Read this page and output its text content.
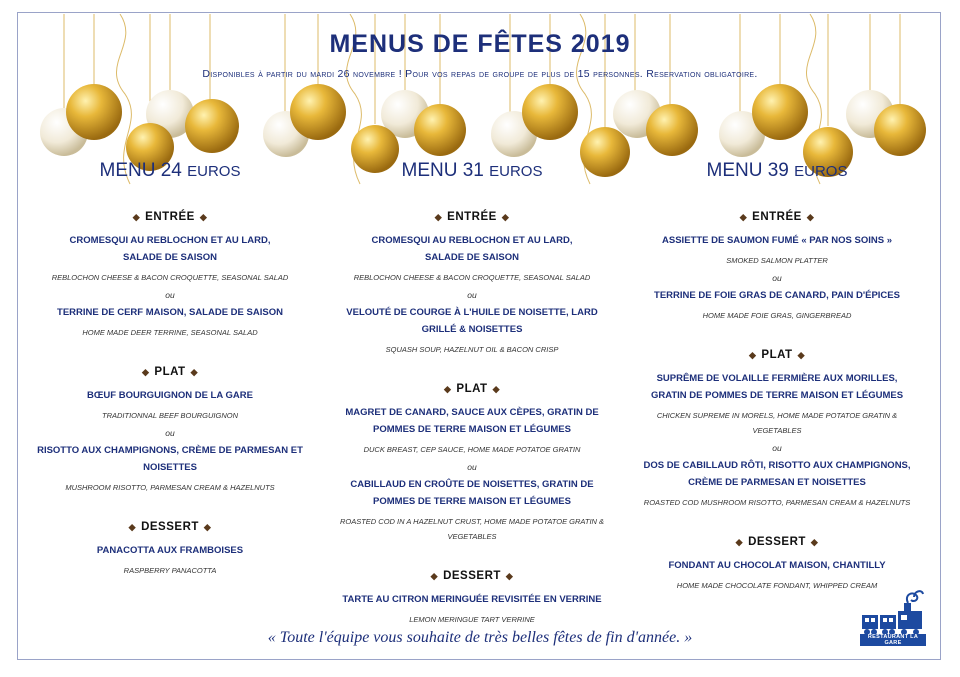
MENUS DE FÊTES 2019
Disponibles à partir du mardi 26 novembre ! Pour vos repas de groupe de plus de 15 personnes. Reservation obligatoire.
MENU 24 EUROS
◆ ENTRÉE ◆
CROMESQUI AU REBLOCHON ET AU LARD,
SALADE DE SAISON
REBLOCHON CHEESE & BACON CROQUETTE, SEASONAL SALAD
ou
TERRINE DE CERF MAISON, SALADE DE SAISON
HOME MADE DEER TERRINE, SEASONAL SALAD
◆ PLAT ◆
BŒUF BOURGUIGNON DE LA GARE
TRADITIONNAL BEEF BOURGUIGNON
ou
RISOTTO AUX CHAMPIGNONS, CRÈME DE PARMESAN ET NOISETTES
MUSHROOM RISOTTO, PARMESAN CREAM & HAZELNUTS
◆ DESSERT ◆
PANACOTTA AUX FRAMBOISES
RASPBERRY PANACOTTA
MENU 31 EUROS
◆ ENTRÉE ◆
CROMESQUI AU REBLOCHON ET AU LARD,
SALADE DE SAISON
REBLOCHON CHEESE & BACON CROQUETTE, SEASONAL SALAD
ou
VELOUTÉ DE COURGE À L'HUILE DE NOISETTE, LARD GRILLÉ & NOISETTES
SQUASH SOUP, HAZELNUT OIL & BACON CRISP
◆ PLAT ◆
MAGRET DE CANARD, SAUCE AUX CÈPES, GRATIN DE POMMES DE TERRE MAISON ET LÉGUMES
DUCK BREAST, CEP SAUCE, HOME MADE POTATOE GRATIN
ou
CABILLAUD EN CROÛTE DE NOISETTES, GRATIN DE POMMES DE TERRE MAISON ET LÉGUMES
ROASTED COD IN A HAZELNUT CRUST, HOME MADE POTATOE GRATIN & VEGETABLES
◆ DESSERT ◆
TARTE AU CITRON MERINGUÉE REVISITÉE EN VERRINE
LEMON MERINGUE TART VERRINE
MENU 39 EUROS
◆ ENTRÉE ◆
ASSIETTE DE SAUMON FUMÉ « PAR NOS SOINS »
SMOKED SALMON PLATTER
ou
TERRINE DE FOIE GRAS DE CANARD, PAIN D'ÉPICES
HOME MADE FOIE GRAS, GINGERBREAD
◆ PLAT ◆
SUPRÊME DE VOLAILLE FERMIÈRE AUX MORILLES, GRATIN DE POMMES DE TERRE MAISON ET LÉGUMES
CHICKEN SUPREME IN MORELS, HOME MADE POTATOE GRATIN & VEGETABLES
ou
DOS DE CABILLAUD RÔTI, RISOTTO AUX CHAMPIGNONS, CRÈME DE PARMESAN ET NOISETTES
ROASTED COD MUSHROOM RISOTTO, PARMESAN CREAM & HAZELNUTS
◆ DESSERT ◆
FONDANT AU CHOCOLAT MAISON, CHANTILLY
HOME MADE CHOCOLATE FONDANT, WHIPPED CREAM
« Toute l'équipe vous souhaite de très belles fêtes de fin d'année. »	RESTAURANT LA GARE
